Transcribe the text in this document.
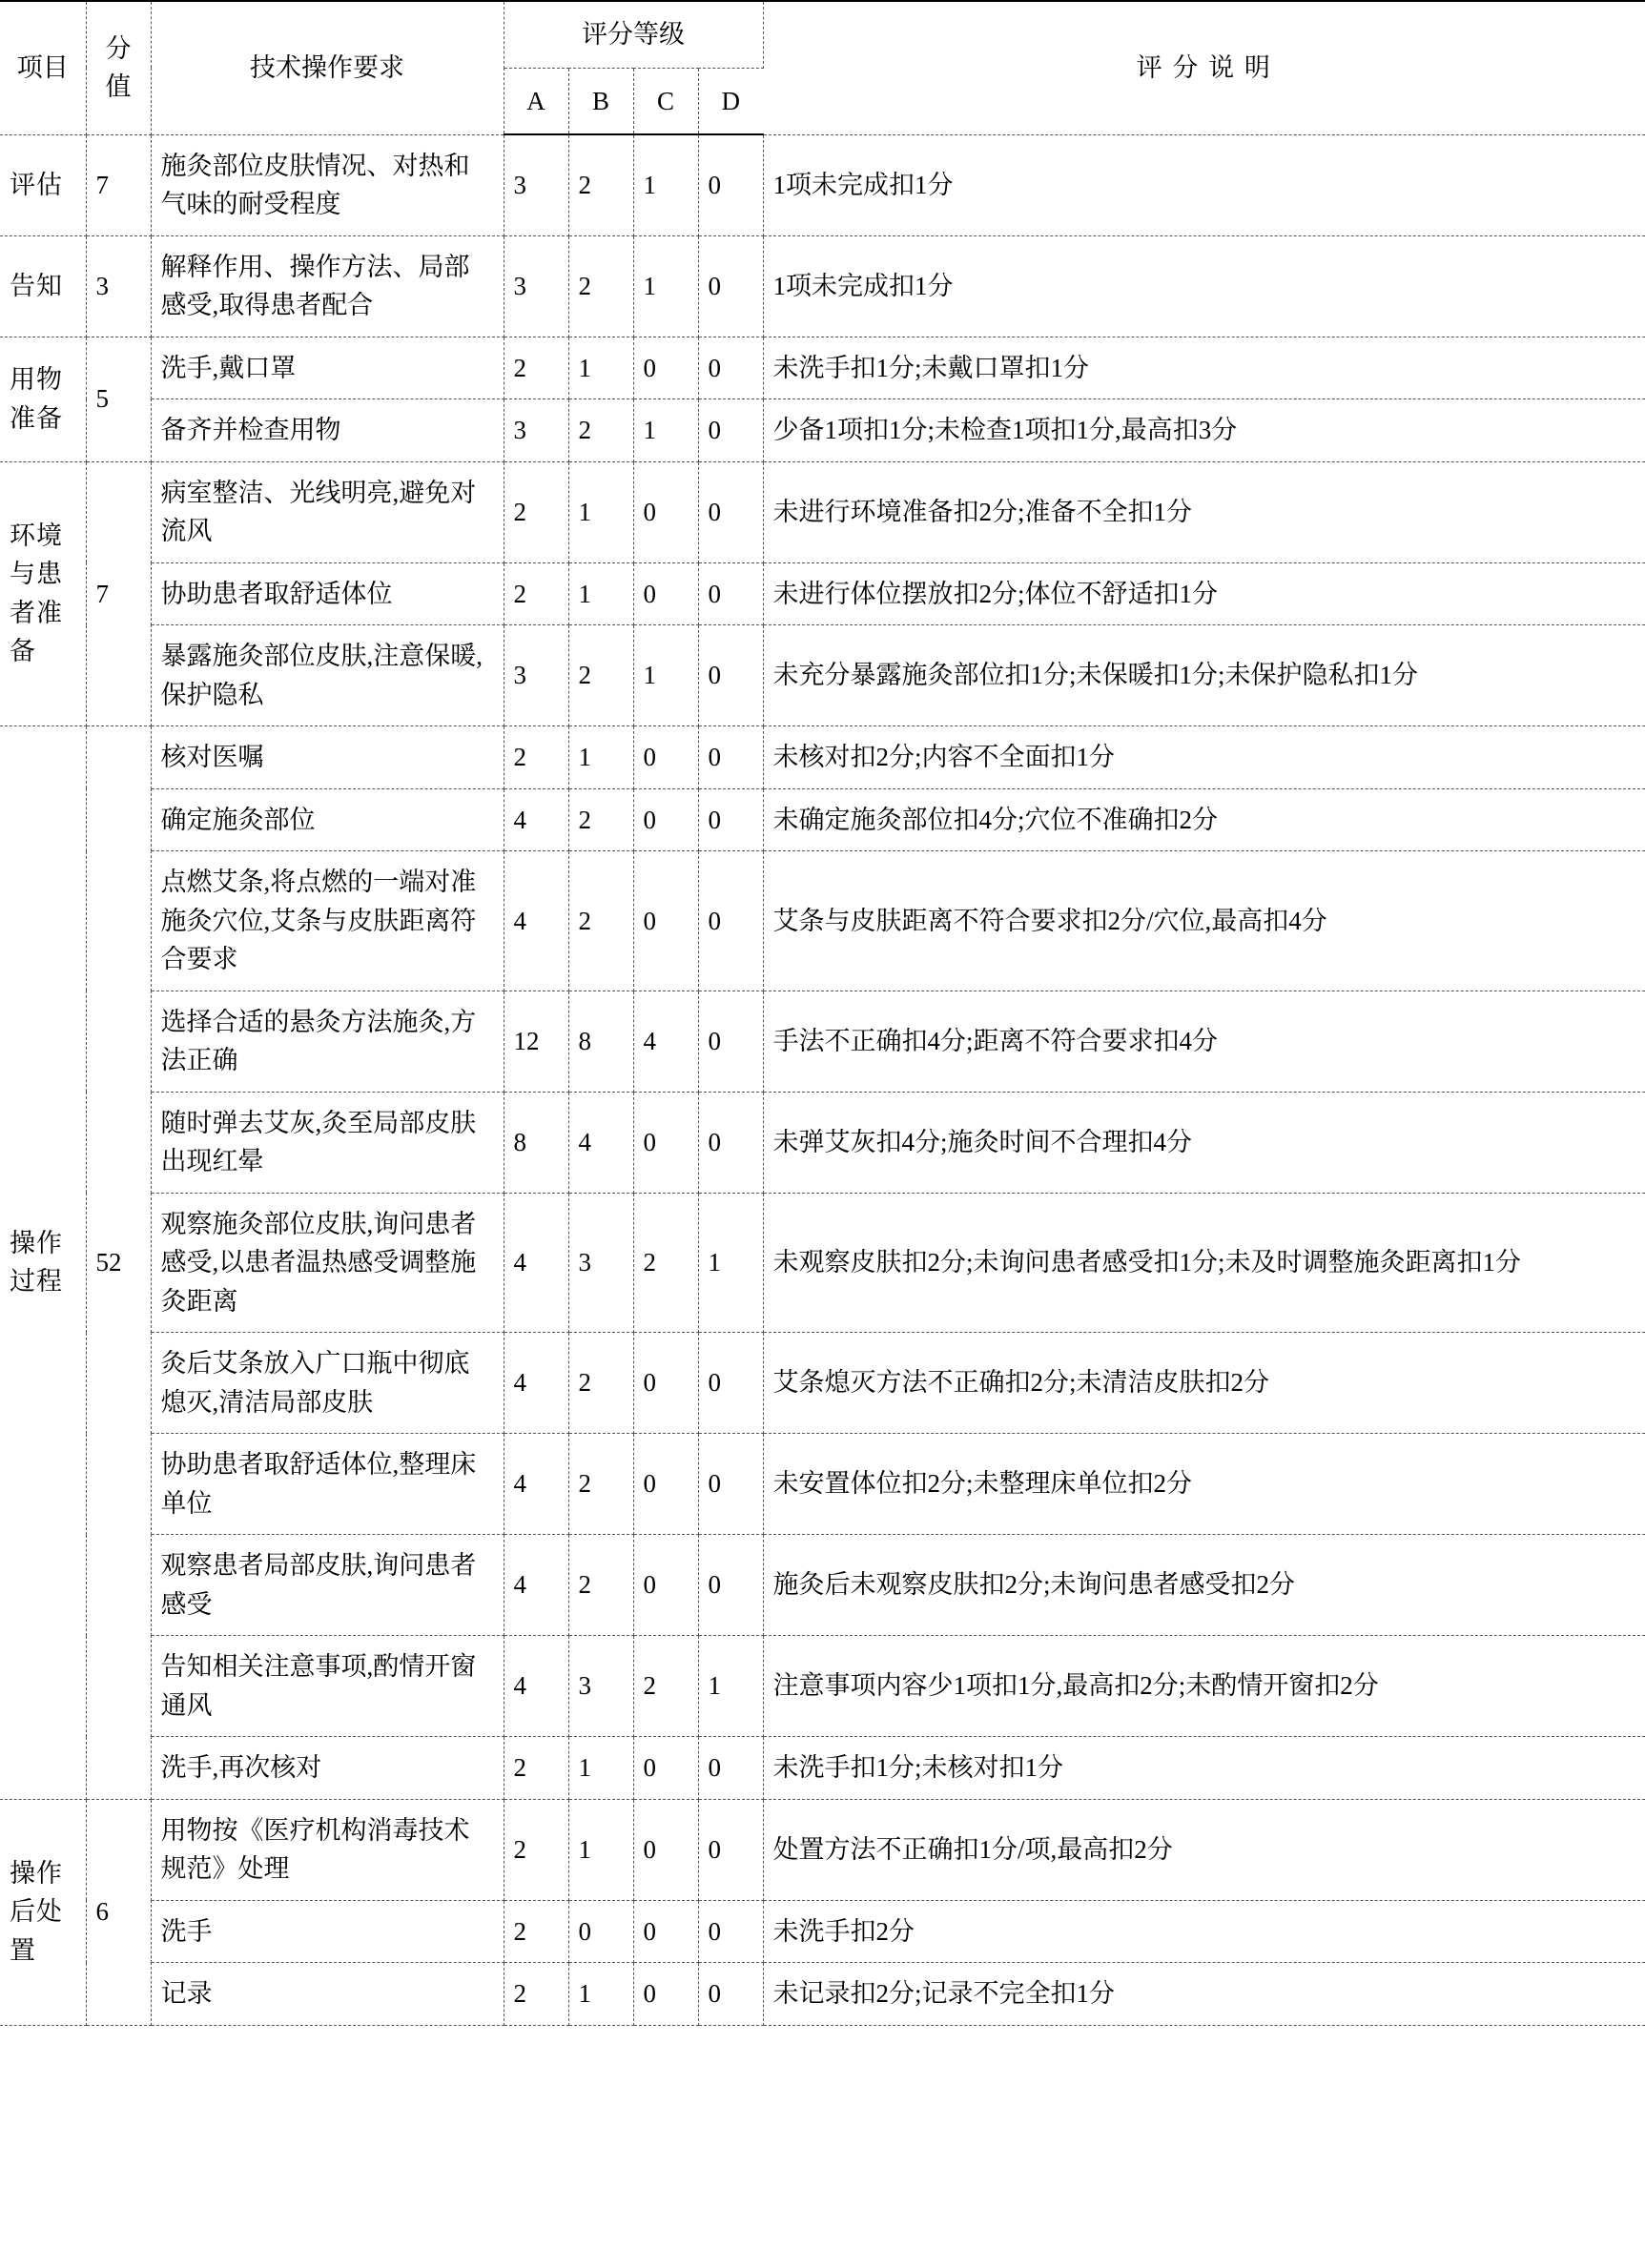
项目	分值	技术操作要求	评分等级				评 分 说 明
			A	B	C	D	
评估	7	施灸部位皮肤情况、对热和气味的耐受程度	3	2	1	0	1项未完成扣1分
告知	3	解释作用、操作方法、局部感受,取得患者配合	3	2	1	0	1项未完成扣1分
用物准备	5	洗手,戴口罩	2	1	0	0	未洗手扣1分;未戴口罩扣1分
		备齐并检查用物	3	2	1	0	少备1项扣1分;未检查1项扣1分,最高扣3分
环境与患者准备	7	病室整洁、光线明亮,避免对流风	2	1	0	0	未进行环境准备扣2分;准备不全扣1分
		协助患者取舒适体位	2	1	0	0	未进行体位摆放扣2分;体位不舒适扣1分
		暴露施灸部位皮肤,注意保暖,保护隐私	3	2	1	0	未充分暴露施灸部位扣1分;未保暖扣1分;未保护隐私扣1分
操作过程	52	核对医嘱	2	1	0	0	未核对扣2分;内容不全面扣1分
		确定施灸部位	4	2	0	0	未确定施灸部位扣4分;穴位不准确扣2分
		点燃艾条,将点燃的一端对准施灸穴位,艾条与皮肤距离符合要求	4	2	0	0	艾条与皮肤距离不符合要求扣2分/穴位,最高扣4分
		选择合适的悬灸方法施灸,方法正确	12	8	4	0	手法不正确扣4分;距离不符合要求扣4分
		随时弹去艾灰,灸至局部皮肤出现红晕	8	4	0	0	未弹艾灰扣4分;施灸时间不合理扣4分
		观察施灸部位皮肤,询问患者感受,以患者温热感受调整施灸距离	4	3	2	1	未观察皮肤扣2分;未询问患者感受扣1分;未及时调整施灸距离扣1分
		灸后艾条放入广口瓶中彻底熄灭,清洁局部皮肤	4	2	0	0	艾条熄灭方法不正确扣2分;未清洁皮肤扣2分
		协助患者取舒适体位,整理床单位	4	2	0	0	未安置体位扣2分;未整理床单位扣2分
		观察患者局部皮肤,询问患者感受	4	2	0	0	施灸后未观察皮肤扣2分;未询问患者感受扣2分
		告知相关注意事项,酌情开窗通风	4	3	2	1	注意事项内容少1项扣1分,最高扣2分;未酌情开窗扣2分
		洗手,再次核对	2	1	0	0	未洗手扣1分;未核对扣1分
操作后处置	6	用物按《医疗机构消毒技术规范》处理	2	1	0	0	处置方法不正确扣1分/项,最高扣2分
		洗手	2	0	0	0	未洗手扣2分
		记录	2	1	0	0	未记录扣2分;记录不完全扣1分
